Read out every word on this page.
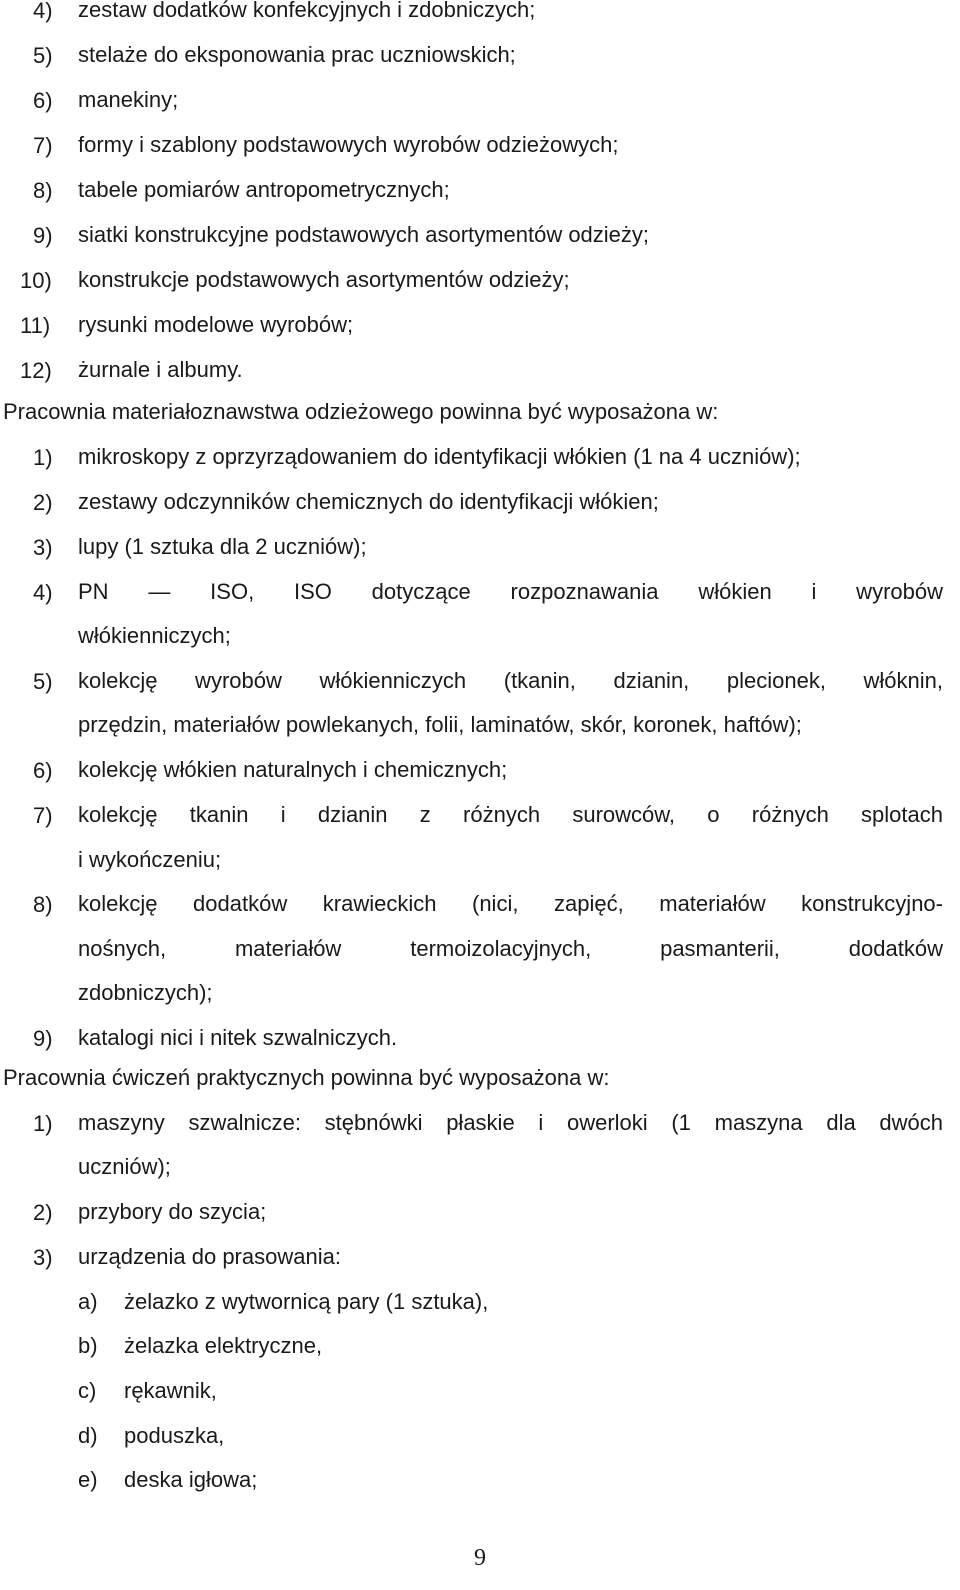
4)	zestaw dodatków konfekcyjnych i zdobniczych;
5)	stelaże do eksponowania prac uczniowskich;
6)	manekiny;
7)	formy i szablony podstawowych wyrobów odzieżowych;
8)	tabele pomiarów antropometrycznych;
9)	siatki konstrukcyjne podstawowych asortymentów odzieży;
10)	konstrukcje podstawowych asortymentów odzieży;
11)	rysunki modelowe wyrobów;
12)	żurnale i albumy.
Pracownia materiałoznawstwa odzieżowego powinna być wyposażona w:
1)	mikroskopy z oprzyrządowaniem do identyfikacji włókien (1 na 4 uczniów);
2)	zestawy odczynników chemicznych do identyfikacji włókien;
3)	lupy (1 sztuka dla 2 uczniów);
4)	PN — ISO, ISO dotyczące rozpoznawania włókien i wyrobów
włókienniczych;
5)	kolekcję wyrobów włókienniczych (tkanin, dzianin, plecionek, włóknin,
przędzin, materiałów powlekanych, folii, laminatów, skór, koronek, haftów);
6)	kolekcję włókien naturalnych i chemicznych;
7)	kolekcję tkanin i dzianin z różnych surowców, o różnych splotach
i wykończeniu;
8)	kolekcję dodatków krawieckich (nici, zapięć, materiałów konstrukcyjno-
nośnych, materiałów termoizolacyjnych, pasmanterii, dodatków
zdobniczych);
9)	katalogi nici i nitek szwalniczych.
Pracownia ćwiczeń praktycznych powinna być wyposażona w:
1)	maszyny szwalnicze: stębnówki płaskie i owerloki (1 maszyna dla dwóch
uczniów);
2)	przybory do szycia;
3)	urządzenia do prasowania:
a)	żelazko z wytwornicą pary (1 sztuka),
b)	żelazka elektryczne,
c)	rękawnik,
d)	poduszka,
e)	deska igłowa;
9
